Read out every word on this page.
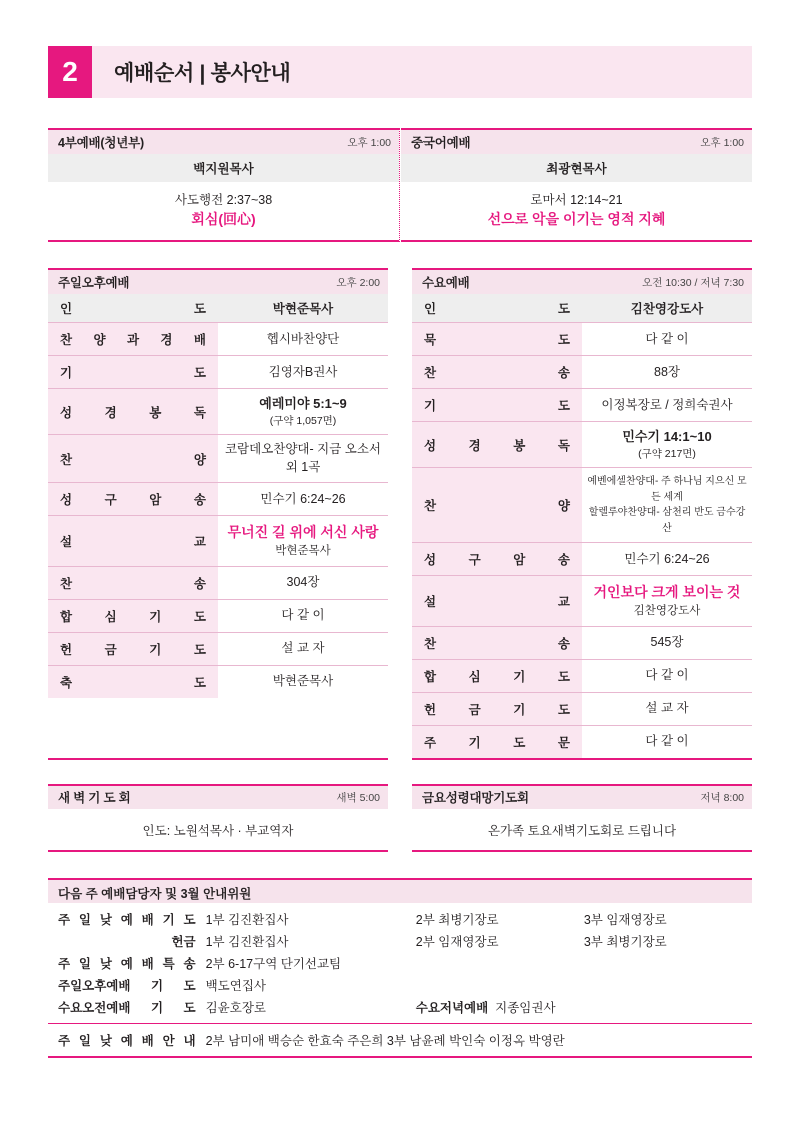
2	예배순서 | 봉사안내
4부예배(청년부)	오후 1:00
백지원목사
사도행전 2:37~38
회심(回心)
중국어예배	오후 1:00
최광현목사
로마서 12:14~21
선으로 악을 이기는 영적 지혜
주일오후예배	오후 2:00
인 도	박현준목사
찬 양 과 경 배	헵시바찬양단
기 도	김영자B권사
성 경 봉 독	예레미야 5:1~9
(구약 1,057면)

찬 양	코람데오찬양대- 지금 오소서 외 1곡
성 구 암 송	민수기 6:24~26
설 교	무너진 길 위에 서신 사랑
박현준목사

찬 송	304장
합 심 기 도	다 같 이
헌 금 기 도	설 교 자
축 도	박현준목사
수요예배	오전 10:30 / 저녁 7:30
인 도	김찬영강도사
묵 도	다 같 이
찬 송	88장
기 도	이정복장로 / 정희숙권사
성 경 봉 독	민수기 14:1~10
(구약 217면)

찬 양	예벤에셀찬양대- 주 하나님 지으신 모든 세계
할렐루야찬양대- 삼천리 반도 금수강산

성 구 암 송	민수기 6:24~26
설 교	거인보다 크게 보이는 것
김찬영강도사

찬 송	545장
합 심 기 도	다 같 이
헌 금 기 도	설 교 자
주 기 도 문	다 같 이
새 벽 기 도 회	새벽 5:00
인도: 노원석목사 · 부교역자
금요성령대망기도회	저녁 8:00
온가족 토요새벽기도회로 드립니다
다음 주 예배담당자 및 3월 안내위원
주 일 낮 예 배 기 도	1부 김진환집사	2부 최병기장로	3부 임재영장로
헌금	1부 김진환집사	2부 임재영장로	3부 최병기장로
주 일 낮 예 배 특 송	2부 6-17구역 단기선교팀		
주일오후예배 기 도	백도연집사		
수요오전예배 기 도	김윤호장로	수요저녁예배 지종임권사	
주 일 낮 예 배 안 내	2부 남미애 백승순 한효숙 주은희 3부 남윤례 박인숙 이정옥 박영란		
